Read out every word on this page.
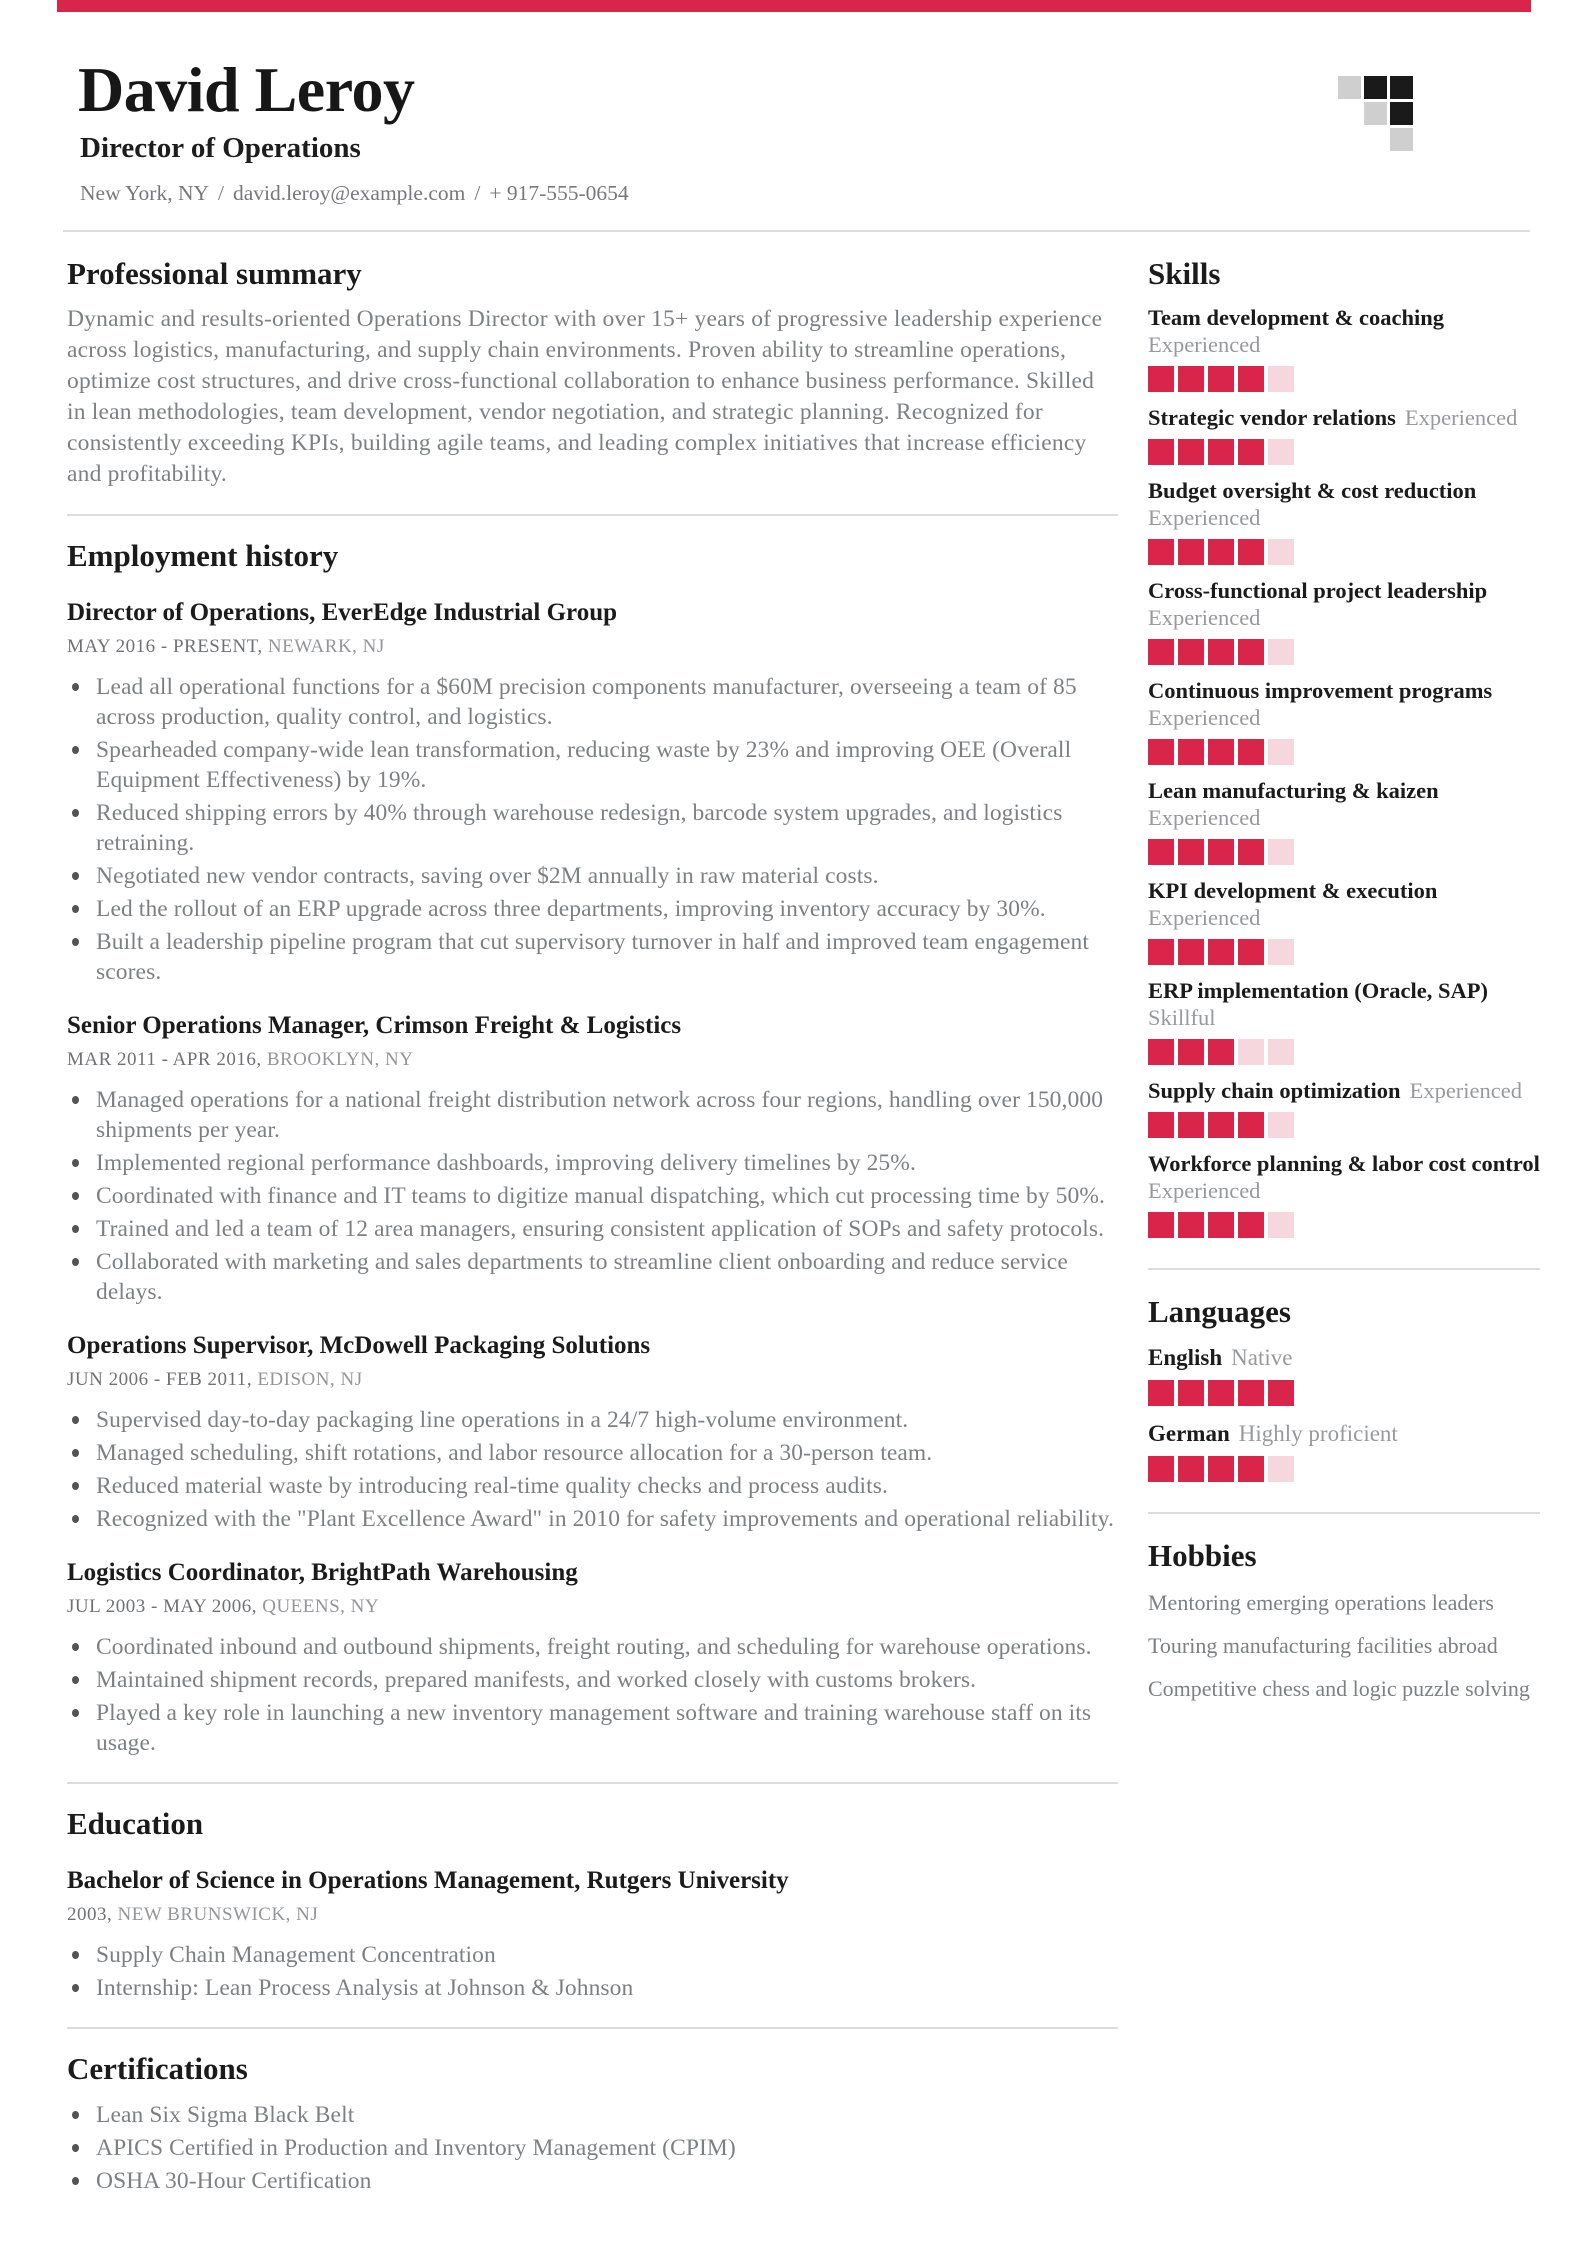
David Leroy
Director of Operations
New York, NY / david.leroy@example.com / + 917-555-0654
Professional summary

Dynamic and results-oriented Operations Director with over 15+ years of progressive leadership experience across logistics, manufacturing, and supply chain environments. Proven ability to streamline operations, optimize cost structures, and drive cross-functional collaboration to enhance business performance. Skilled in lean methodologies, team development, vendor negotiation, and strategic planning. Recognized for consistently exceeding KPIs, building agile teams, and leading complex initiatives that increase efficiency and profitability.

Employment history
Director of Operations, EverEdge Industrial Group
MAY 2016 - PRESENT , NEWARK, NJ
Lead all operational functions for a $60M precision components manufacturer, overseeing a team of 85 across production, quality control, and logistics.
Spearheaded company-wide lean transformation, reducing waste by 23% and improving OEE (Overall Equipment Effectiveness) by 19%.
Reduced shipping errors by 40% through warehouse redesign, barcode system upgrades, and logistics retraining.
Negotiated new vendor contracts, saving over $2M annually in raw material costs.
Led the rollout of an ERP upgrade across three departments, improving inventory accuracy by 30%.
Built a leadership pipeline program that cut supervisory turnover in half and improved team engagement scores.
Senior Operations Manager, Crimson Freight & Logistics
MAR 2011 - APR 2016 , BROOKLYN, NY
Managed operations for a national freight distribution network across four regions, handling over 150,000 shipments per year.
Implemented regional performance dashboards, improving delivery timelines by 25%.
Coordinated with finance and IT teams to digitize manual dispatching, which cut processing time by 50%.
Trained and led a team of 12 area managers, ensuring consistent application of SOPs and safety protocols.
Collaborated with marketing and sales departments to streamline client onboarding and reduce service delays.
Operations Supervisor, McDowell Packaging Solutions
JUN 2006 - FEB 2011 , EDISON, NJ
Supervised day-to-day packaging line operations in a 24/7 high-volume environment.
Managed scheduling, shift rotations, and labor resource allocation for a 30-person team.
Reduced material waste by introducing real-time quality checks and process audits.
Recognized with the "Plant Excellence Award" in 2010 for safety improvements and operational reliability.
Logistics Coordinator, BrightPath Warehousing
JUL 2003 - MAY 2006 , QUEENS, NY
Coordinated inbound and outbound shipments, freight routing, and scheduling for warehouse operations.
Maintained shipment records, prepared manifests, and worked closely with customs brokers.
Played a key role in launching a new inventory management software and training warehouse staff on its usage.
Education
Bachelor of Science in Operations Management, Rutgers University
2003 , NEW BRUNSWICK, NJ
Supply Chain Management Concentration
Internship: Lean Process Analysis at Johnson & Johnson
Certifications
Lean Six Sigma Black Belt
APICS Certified in Production and Inventory Management (CPIM)
OSHA 30-Hour Certification
Skills
Team development & coaching
Experienced
Strategic vendor relations Experienced
Budget oversight & cost reduction
Experienced
Cross-functional project leadership
Experienced
Continuous improvement programs
Experienced
Lean manufacturing & kaizen
Experienced
KPI development & execution
Experienced
ERP implementation (Oracle, SAP)
Skillful
Supply chain optimization Experienced
Workforce planning & labor cost control
Experienced
Languages
English Native
German Highly proficient
Hobbies
Mentoring emerging operations leaders
Touring manufacturing facilities abroad
Competitive chess and logic puzzle solving
